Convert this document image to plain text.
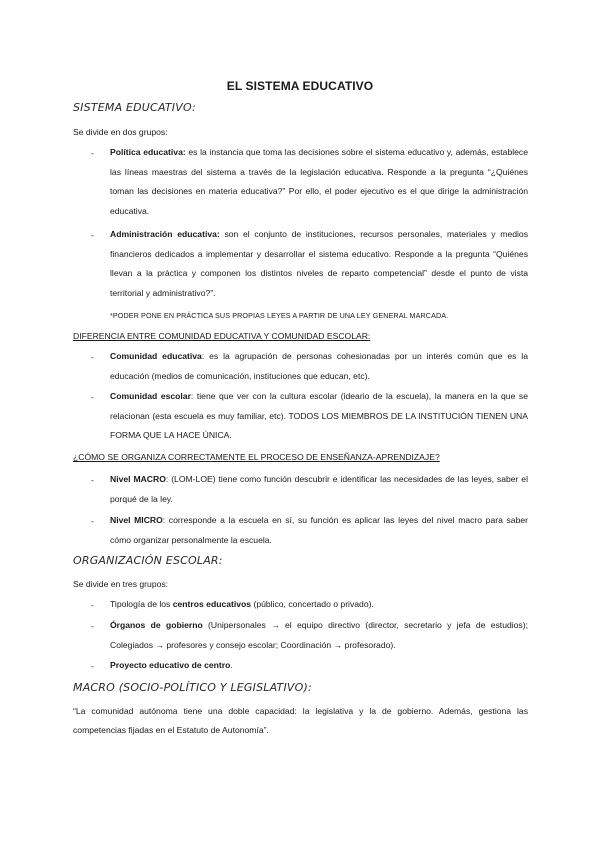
EL SISTEMA EDUCATIVO
SISTEMA EDUCATIVO:
Se divide en dos grupos:
- Política educativa: es la instancia que toma las decisiones sobre el sistema educativo y, además, establece las líneas maestras del sistema a través de la legislación educativa. Responde a la pregunta “¿Quiénes toman las decisiones en materia educativa?” Por ello, el poder ejecutivo es el que dirige la administración educativa.
- Administración educativa: son el conjunto de instituciones, recursos personales, materiales y medios financieros dedicados a implementar y desarrollar el sistema educativo. Responde a la pregunta “Quiénes llevan a la práctica y componen los distintos niveles de reparto competencial” desde el punto de vista territorial y administrativo?”.
*PODER PONE EN PRÁCTICA SUS PROPIAS LEYES A PARTIR DE UNA LEY GENERAL MARCADA.
DIFERENCIA ENTRE COMUNIDAD EDUCATIVA Y COMUNIDAD ESCOLAR:
- Comunidad educativa: es la agrupación de personas cohesionadas por un interés común que es la educación (medios de comunicación, instituciones que educan, etc).
- Comunidad escolar: tiene que ver con la cultura escolar (ideario de la escuela), la manera en la que se relacionan (esta escuela es muy familiar, etc). TODOS LOS MIEMBROS DE LA INSTITUCIÓN TIENEN UNA FORMA QUE LA HACE ÚNICA.
¿CÓMO SE ORGANIZA CORRECTAMENTE EL PROCESO DE ENSEÑANZA-APRENDIZAJE?
- Nivel MACRO: (LOM-LOE) tiene como función descubrir e identificar las necesidades de las leyes, saber el porqué de la ley.
- Nivel MICRO: corresponde a la escuela en sí, su función es aplicar las leyes del nivel macro para saber cómo organizar personalmente la escuela.
ORGANIZACIÓN ESCOLAR:
Se divide en tres grupos:
- Tipología de los centros educativos (público, concertado o privado).
- Órganos de gobierno (Unipersonales → el equipo directivo (director, secretario y jefa de estudios); Colegiados → profesores y consejo escolar; Coordinación → profesorado).
- Proyecto educativo de centro.
MACRO (SOCIO-POLÍTICO Y LEGISLATIVO):
“La comunidad autónoma tiene una doble capacidad: la legislativa y la de gobierno. Además, gestiona las competencias fijadas en el Estatuto de Autonomía”.
